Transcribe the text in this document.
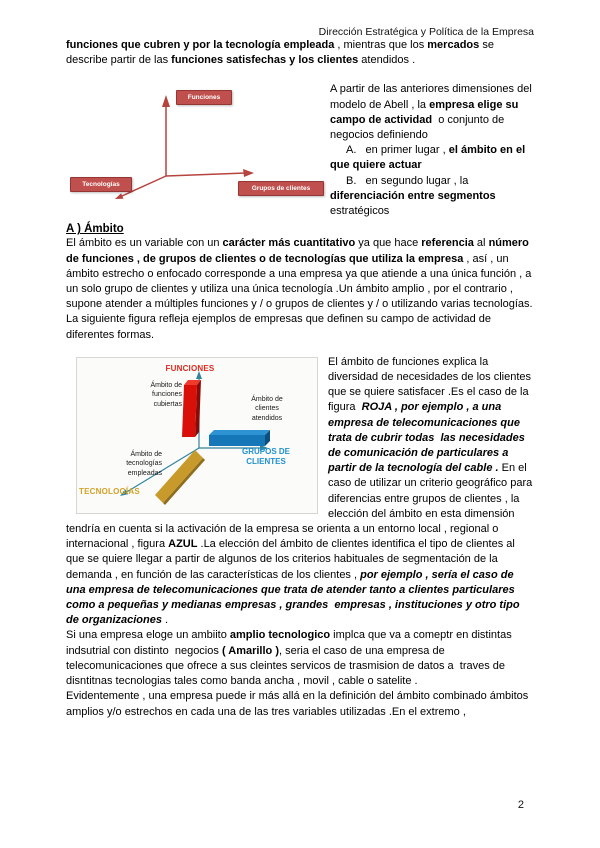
Dirección Estratégica y Política de la Empresa

funciones que cubren y por la tecnología empleada , mientras que los mercados se describe partir de las funciones satisfechas y los clientes atendidos .

Funciones
Tecnologías
Grupos de clientes

A partir de las anteriores dimensiones del modelo de Abell , la empresa elige su campo de actividad  o conjunto de negocios definiendo

A.   en primer lugar , el ámbito en el que quiere actuar

B.   en segundo lugar , la diferenciación entre segmentos estratégicos

A ) Ámbito

El ámbito es un variable con un carácter más cuantitativo ya que hace referencia al número de funciones , de grupos de clientes o de tecnologías que utiliza la empresa , así , un ámbito estrecho o enfocado corresponde a una empresa ya que atiende a una única función , a un solo grupo de clientes y utiliza una única tecnología .Un ámbito amplio , por el contrario , supone atender a múltiples funciones y / o grupos de clientes y / o utilizando varias tecnologías.

La siguiente figura refleja ejemplos de empresas que definen su campo de actividad de diferentes formas.

FUNCIONES
Ámbito de funciones cubiertas
Ámbito de clientes atendidos
GRUPOS DE CLIENTES
Ámbito de tecnologías empleadas
TECNOLOGÍAS

El ámbito de funciones explica la diversidad de necesidades de los clientes que se quiere satisfacer .Es el caso de la figura  ROJA , por ejemplo , a una empresa de telecomunicaciones que trata de cubrir todas  las necesidades de comunicación de particulares a partir de la tecnología del cable . En el caso de utilizar un criterio geográfico para diferencias entre grupos de clientes , la elección del ámbito en esta dimensión tendría en cuenta si la activación de la empresa se orienta a un entorno local , regional o internacional , figura AZUL .La elección del ámbito de clientes identifica el tipo de clientes al que se quiere llegar a partir de algunos de los criterios habituales de segmentación de la demanda , en función de las características de los clientes , por ejemplo , sería el caso de  una empresa de telecomunicaciones que trata de atender tanto a clientes particulares como a pequeñas y medianas empresas , grandes  empresas , instituciones y otro tipo de organizaciones .

Si una empresa eloge un ambiito amplio tecnologico implca que va a comeptr en distintas indsutrial con distinto  negocios ( Amarillo ), seria el caso de una empresa de telecomunicaciones que ofrece a sus cleintes servicos de trasmision de datos a  traves de disntitnas tecnologias tales como banda ancha , movil , cable o satelite .

Evidentemente , una empresa puede ir más allá en la definición del ámbito combinado ámbitos amplios y/o estrechos en cada una de las tres variables utilizadas .En el extremo ,

2
